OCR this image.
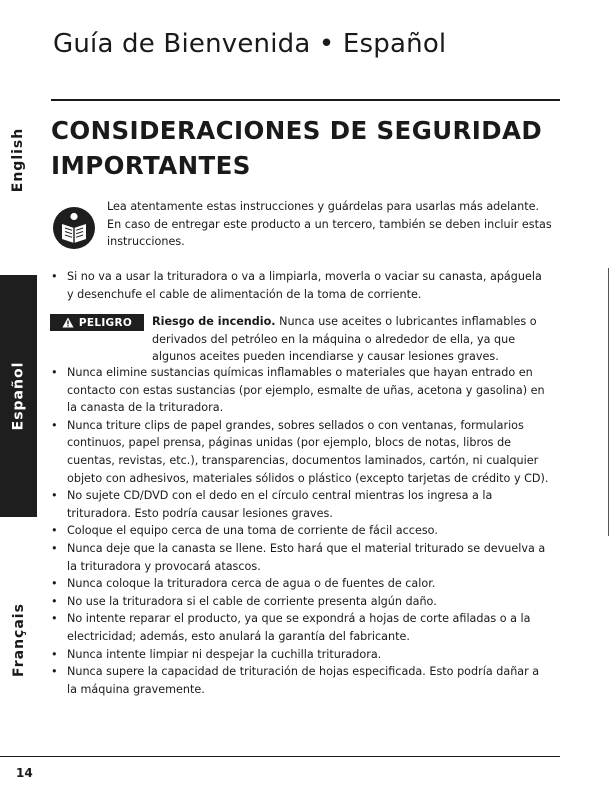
Guía de Bienvenida • Español
English
Español
Français
CONSIDERACIONES DE SEGURIDAD
IMPORTANTES
Lea atentamente estas instrucciones y guárdelas para usarlas más adelante. En caso de entregar este producto a un tercero, también se deben incluir estas instrucciones.
• Si no va a usar la trituradora o va a limpiarla, moverla o vaciar su canasta, apáguela y desenchufe el cable de alimentación de la toma de corriente.
PELIGRO Riesgo de incendio. Nunca use aceites o lubricantes inflamables o derivados del petróleo en la máquina o alrededor de ella, ya que algunos aceites pueden incendiarse y causar lesiones graves.
• Nunca elimine sustancias químicas inflamables o materiales que hayan entrado en contacto con estas sustancias (por ejemplo, esmalte de uñas, acetona y gasolina) en la canasta de la trituradora.
• Nunca triture clips de papel grandes, sobres sellados o con ventanas, formularios continuos, papel prensa, páginas unidas (por ejemplo, blocs de notas, libros de cuentas, revistas, etc.), transparencias, documentos laminados, cartón, ni cualquier objeto con adhesivos, materiales sólidos o plástico (excepto tarjetas de crédito y CD).
• No sujete CD/DVD con el dedo en el círculo central mientras los ingresa a la trituradora. Esto podría causar lesiones graves.
• Coloque el equipo cerca de una toma de corriente de fácil acceso.
• Nunca deje que la canasta se llene. Esto hará que el material triturado se devuelva a la trituradora y provocará atascos.
• Nunca coloque la trituradora cerca de agua o de fuentes de calor.
• No use la trituradora si el cable de corriente presenta algún daño.
• No intente reparar el producto, ya que se expondrá a hojas de corte afiladas o a la electricidad; además, esto anulará la garantía del fabricante.
• Nunca intente limpiar ni despejar la cuchilla trituradora.
• Nunca supere la capacidad de trituración de hojas especificada. Esto podría dañar a la máquina gravemente.
14
